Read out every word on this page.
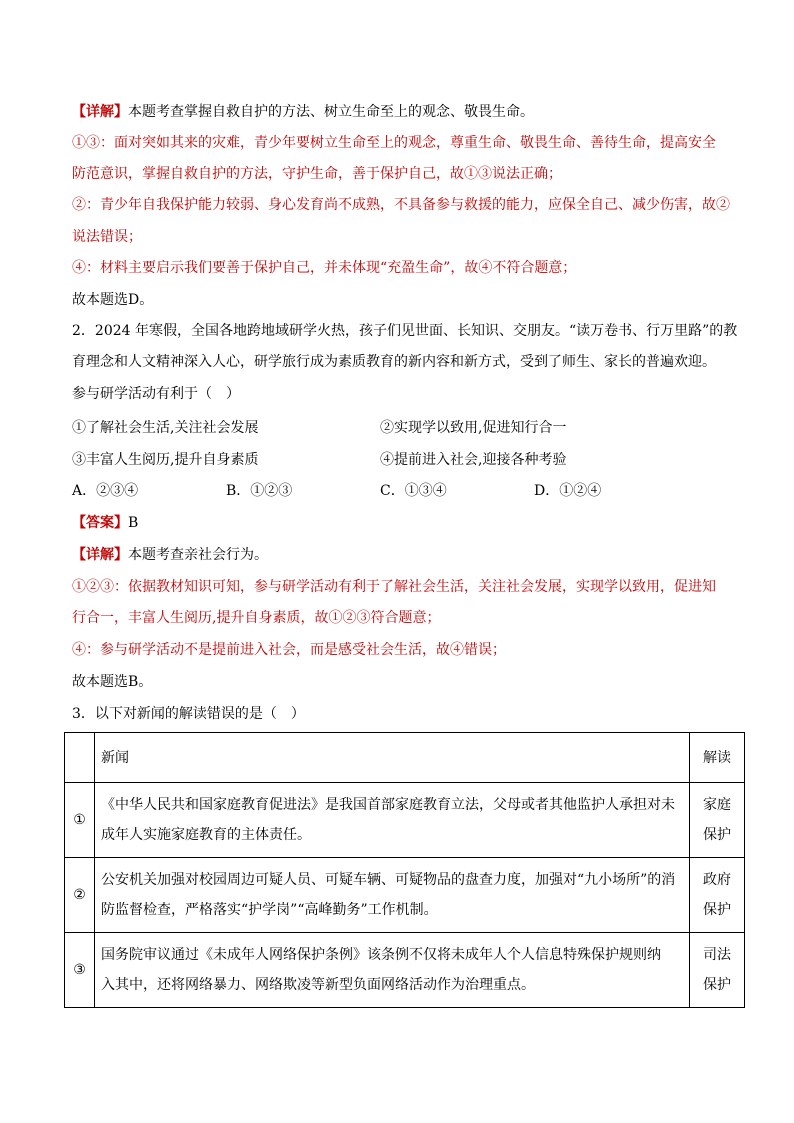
【详解】本题考查掌握自救自护的方法、树立生命至上的观念、敬畏生命。
①③：面对突如其来的灾难，青少年要树立生命至上的观念，尊重生命、敬畏生命、善待生命，提高安全
防范意识，掌握自救自护的方法，守护生命，善于保护自己，故①③说法正确；
②：青少年自我保护能力较弱、身心发育尚不成熟，不具备参与救援的能力，应保全自己、减少伤害，故②
说法错误；
④：材料主要启示我们要善于保护自己，并未体现“充盈生命”，故④不符合题意；
故本题选D。
2．2024 年寒假，全国各地跨地域研学火热，孩子们见世面、长知识、交朋友。“读万卷书、行万里路”的教
育理念和人文精神深入人心，研学旅行成为素质教育的新内容和新方式，受到了师生、家长的普遍欢迎。
参与研学活动有利于（　）
①了解社会生活,关注社会发展	②实现学以致用,促进知行合一
③丰富人生阅历,提升自身素质	④提前进入社会,迎接各种考验
A．②③④	B．①②③	C．①③④	D．①②④
【答案】B
【详解】本题考查亲社会行为。
①②③：依据教材知识可知，参与研学活动有利于了解社会生活，关注社会发展，实现学以致用，促进知
行合一，丰富人生阅历,提升自身素质，故①②③符合题意；
④：参与研学活动不是提前进入社会，而是感受社会生活，故④错误；
故本题选B。
3．以下对新闻的解读错误的是（　）
	新闻	解读
①	《中华人民共和国家庭教育促进法》是我国首部家庭教育立法，父母或者其他监护人承担对未
成年人实施家庭教育的主体责任。	家庭保护
②	公安机关加强对校园周边可疑人员、可疑车辆、可疑物品的盘查力度，加强对“九小场所”的消
防监督检查，严格落实“护学岗”“高峰勤务”工作机制。	政府保护
③	国务院审议通过《未成年人网络保护条例》该条例不仅将未成年人个人信息特殊保护规则纳
入其中，还将网络暴力、网络欺凌等新型负面网络活动作为治理重点。	司法保护
